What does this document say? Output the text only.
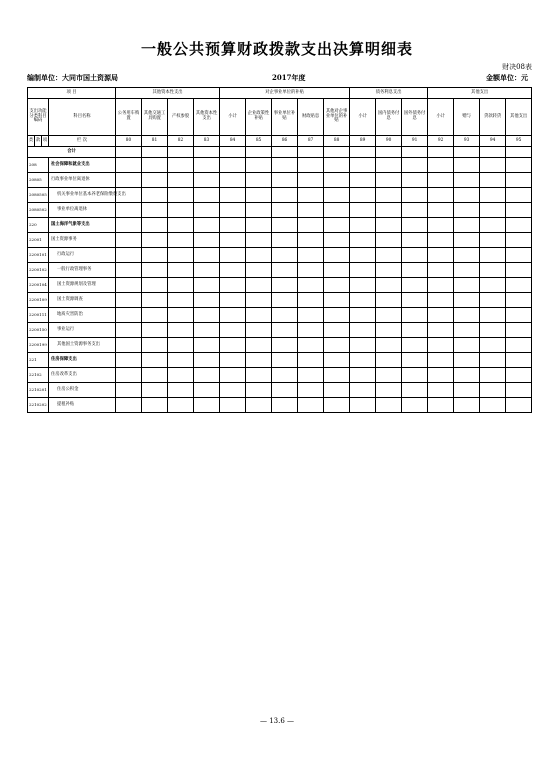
一般公共预算财政拨款支出决算明细表
财决08表
编制单位：大同市国土资源局	2017年度	金额单位：元
项 目				其他资本性支出				对企事业单位的补贴					债务利息支出			其他支出			
支出功能分类科目编码			科目名称	公务用车购置	其他交通工具购置	产权参股	其他资本性支出	小计	企业政策性补贴	事业单位补贴	财政贴息	其他对企事业单位的补贴	小计	国内债务付息	国外债务付息	小计	赠与	贷款转贷	其他支出
类	款	项	栏 次	80	81	82	83	84	85	86	87	88	89	90	91	92	93	94	95
合计																			
208			社会保障和就业支出																
20805			行政事业单位离退休																
2080505			机关事业单位基本养老保险缴费支出																
2080502			事业单位离退休																
220			国土海洋气象等支出																
22001			国土资源事务																
2200101			行政运行																
2200102			一般行政管理事务																
2200104			国土资源规划及管理																
2200109			国土资源调查																
2200111			地质灾害防治																
2200150			事业运行																
2200199			其他国土资源事务支出																
221			住房保障支出																
22102			住房改革支出																
2210201			住房公积金																
2210202			提租补贴																
— 13.6 —
